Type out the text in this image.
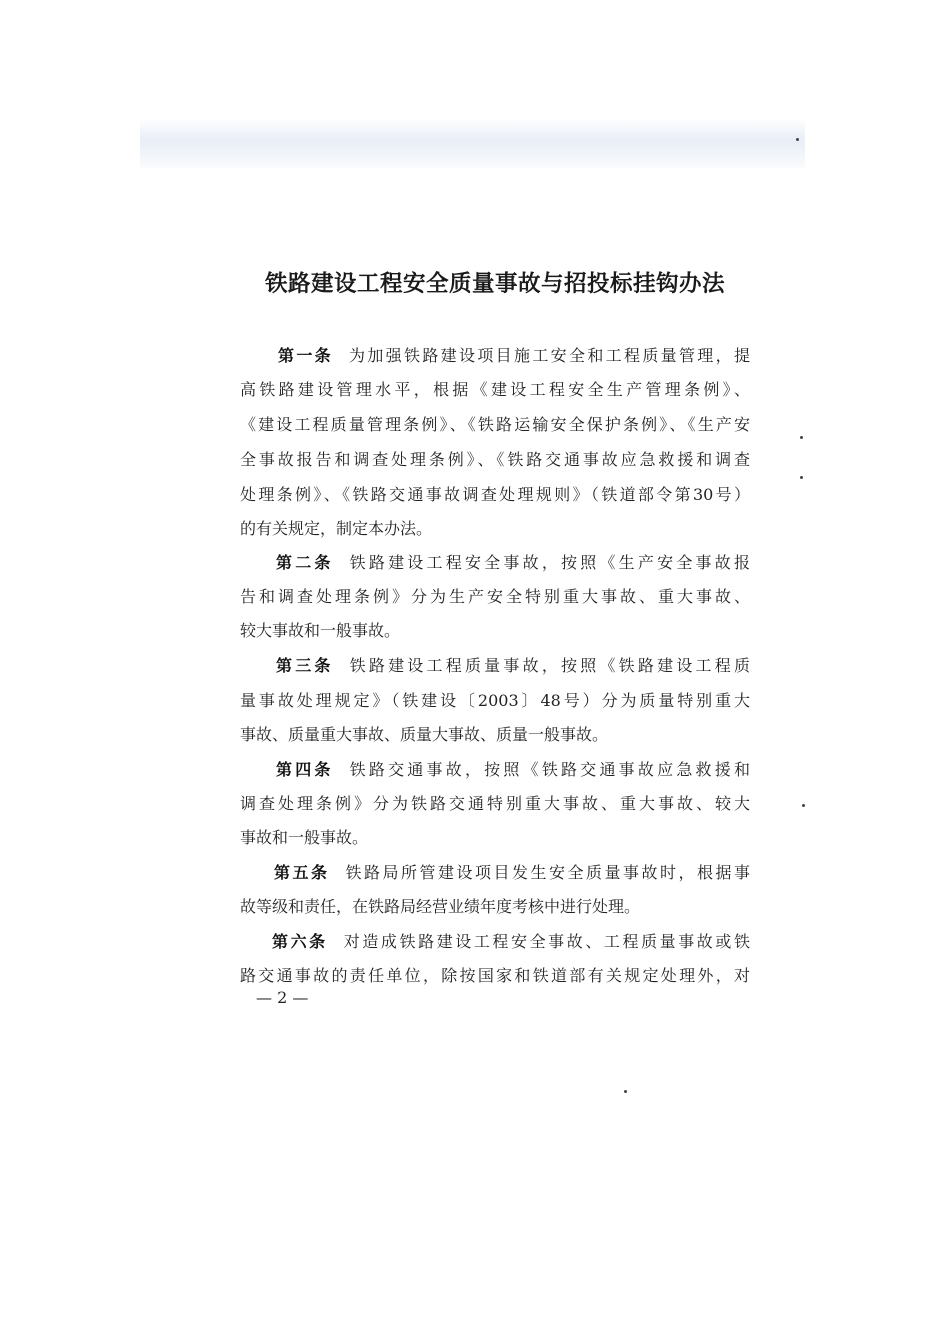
铁路建设工程安全质量事故与招投标挂钩办法
第一条 为加强铁路建设项目施工安全和工程质量管理，提
高铁路建设管理水平，根据《建设工程安全生产管理条例》、
《建设工程质量管理条例》、《铁路运输安全保护条例》、《生产安
全事故报告和调查处理条例》、《铁路交通事故应急救援和调查
处理条例》、《铁路交通事故调查处理规则》（铁道部令第30号）
的有关规定，制定本办法。
第二条 铁路建设工程安全事故，按照《生产安全事故报
告和调查处理条例》分为生产安全特别重大事故、重大事故、
较大事故和一般事故。
第三条 铁路建设工程质量事故，按照《铁路建设工程质
量事故处理规定》（铁建设〔2003〕48号）分为质量特别重大
事故、质量重大事故、质量大事故、质量一般事故。
第四条 铁路交通事故，按照《铁路交通事故应急救援和
调查处理条例》分为铁路交通特别重大事故、重大事故、较大
事故和一般事故。
第五条 铁路局所管建设项目发生安全质量事故时，根据事
故等级和责任，在铁路局经营业绩年度考核中进行处理。
第六条 对造成铁路建设工程安全事故、工程质量事故或铁
路交通事故的责任单位，除按国家和铁道部有关规定处理外，对
— 2 —
